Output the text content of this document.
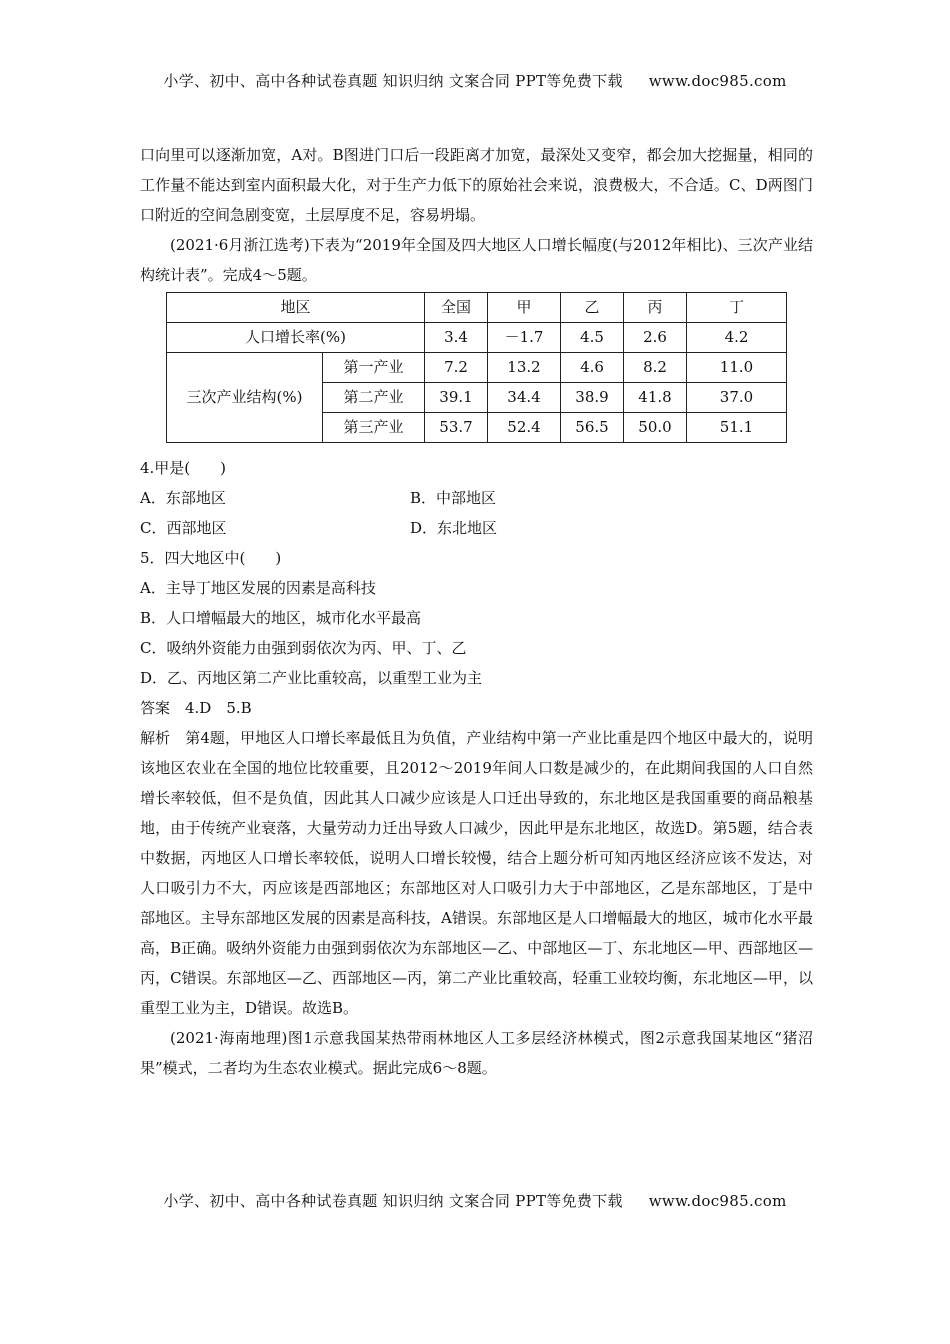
小学、初中、高中各种试卷真题 知识归纳 文案合同 PPT等免费下载 www.doc985.com

口向里可以逐渐加宽，A对。B图进门口后一段距离才加宽，最深处又变窄，都会加大挖掘量，相同的工作量不能达到室内面积最大化，对于生产力低下的原始社会来说，浪费极大，不合适。C、D两图门口附近的空间急剧变宽，土层厚度不足，容易坍塌。

(2021·6月浙江选考)下表为“2019年全国及四大地区人口增长幅度(与2012年相比)、三次产业结构统计表”。完成4～5题。

地区		全国	甲	乙	丙	丁
人口增长率(%)		3.4	－1.7	4.5	2.6	4.2
三次产业结构(%)	第一产业	7.2	13.2	4.6	8.2	11.0
	第二产业	39.1	34.4	38.9	41.8	37.0
	第三产业	53.7	52.4	56.5	50.0	51.1

4.甲是(　　)

A．东部地区	B．中部地区
C．西部地区	D．东北地区

5．四大地区中(　　)

A．主导丁地区发展的因素是高科技

B．人口增幅最大的地区，城市化水平最高

C．吸纳外资能力由强到弱依次为丙、甲、丁、乙

D．乙、丙地区第二产业比重较高，以重型工业为主

答案　4.D　5.B

解析　第4题，甲地区人口增长率最低且为负值，产业结构中第一产业比重是四个地区中最大的，说明该地区农业在全国的地位比较重要，且2012～2019年间人口数是减少的，在此期间我国的人口自然增长率较低，但不是负值，因此其人口减少应该是人口迁出导致的，东北地区是我国重要的商品粮基地，由于传统产业衰落，大量劳动力迁出导致人口减少，因此甲是东北地区，故选D。第5题，结合表中数据，丙地区人口增长率较低，说明人口增长较慢，结合上题分析可知丙地区经济应该不发达，对人口吸引力不大，丙应该是西部地区；东部地区对人口吸引力大于中部地区，乙是东部地区，丁是中部地区。主导东部地区发展的因素是高科技，A错误。东部地区是人口增幅最大的地区，城市化水平最高，B正确。吸纳外资能力由强到弱依次为东部地区—乙、中部地区—丁、东北地区—甲、西部地区—丙，C错误。东部地区—乙、西部地区—丙，第二产业比重较高，轻重工业较均衡，东北地区—甲，以重型工业为主，D错误。故选B。

(2021·海南地理)图1示意我国某热带雨林地区人工多层经济林模式，图2示意我国某地区“猪沼果”模式，二者均为生态农业模式。据此完成6～8题。

小学、初中、高中各种试卷真题 知识归纳 文案合同 PPT等免费下载 www.doc985.com
